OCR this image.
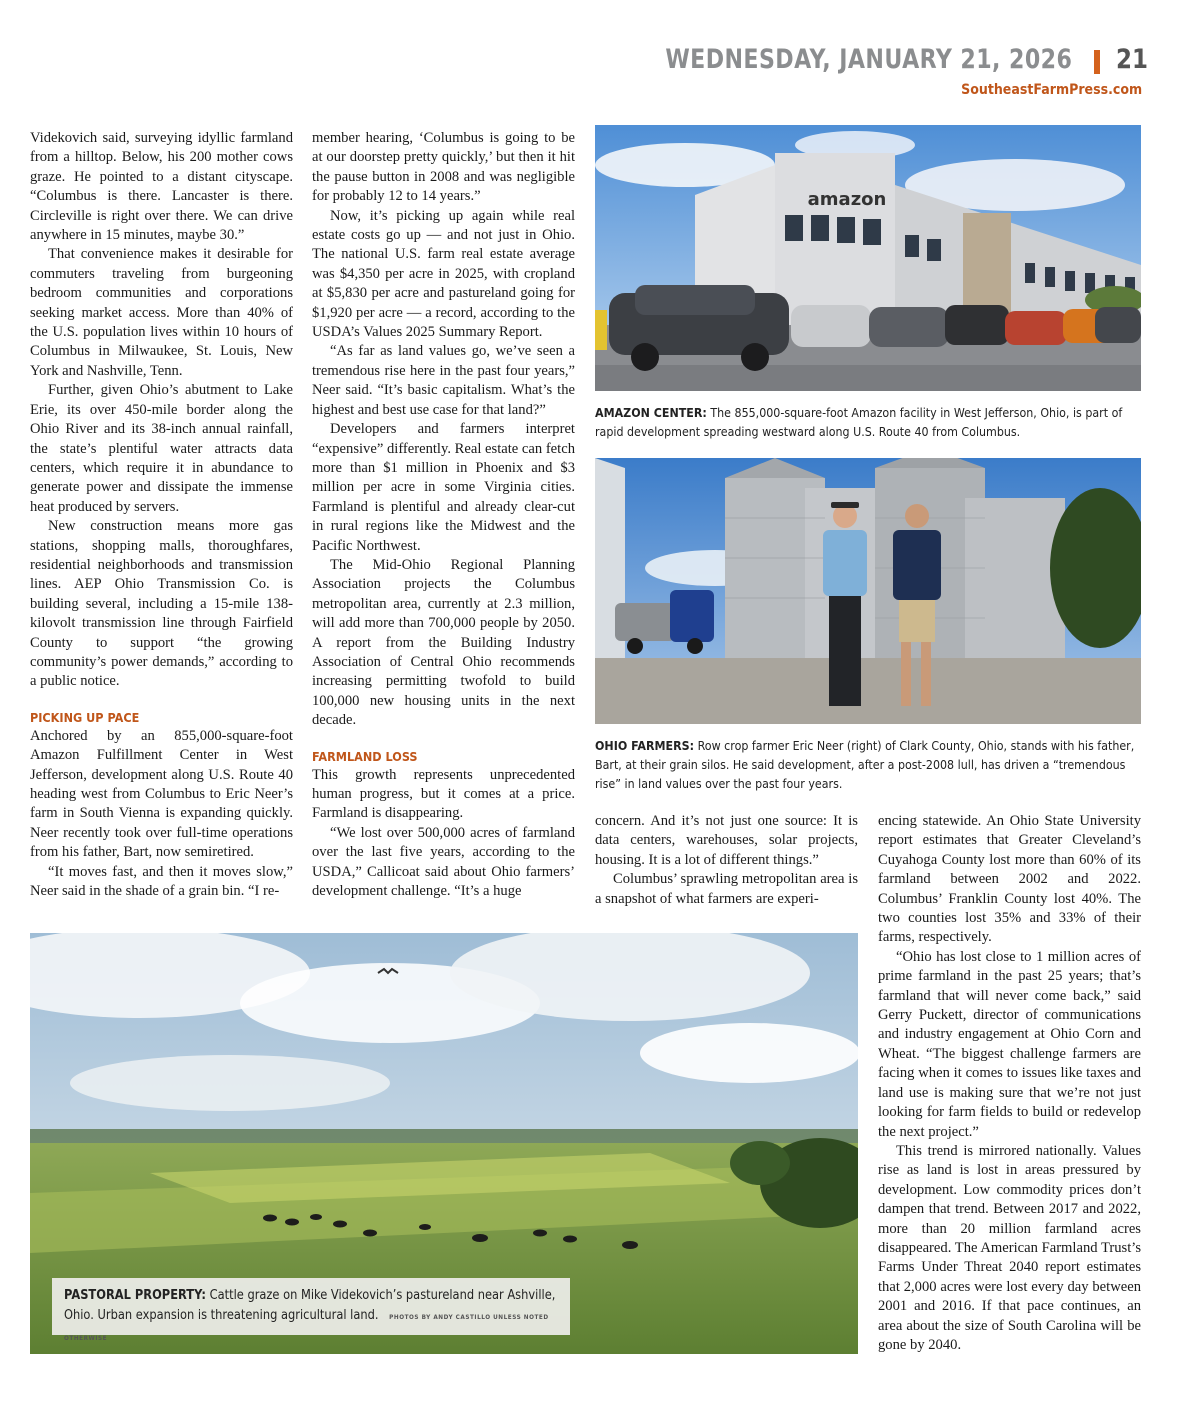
WEDNESDAY, JANUARY 21, 2026 21
SoutheastFarmPress.com

Videkovich said, surveying idyllic farmland from a hilltop. Below, his 200 mother cows graze. He pointed to a distant cityscape. “Columbus is there. Lancaster is there. Circleville is right over there. We can drive anywhere in 15 minutes, maybe 30.”

That convenience makes it desirable for commuters traveling from burgeoning bedroom communities and corporations seeking market access. More than 40% of the U.S. population lives within 10 hours of Columbus in Milwaukee, St. Louis, New York and Nashville, Tenn.

Further, given Ohio’s abutment to Lake Erie, its over 450-mile border along the Ohio River and its 38-inch annual rainfall, the state’s plentiful water attracts data centers, which require it in abundance to generate power and dissipate the immense heat produced by servers.

New construction means more gas stations, shopping malls, thoroughfares, residential neighborhoods and transmission lines. AEP Ohio Transmission Co. is building several, including a 15-mile 138-kilovolt transmission line through Fairfield County to support “the growing community’s power demands,” according to a public notice.

PICKING UP PACE

Anchored by an 855,000-square-foot Amazon Fulfillment Center in West Jefferson, development along U.S. Route 40 heading west from Columbus to Eric Neer’s farm in South Vienna is expanding quickly. Neer recently took over full-time operations from his father, Bart, now semiretired.

“It moves fast, and then it moves slow,” Neer said in the shade of a grain bin. “I re-

member hearing, ‘Columbus is going to be at our doorstep pretty quickly,’ but then it hit the pause button in 2008 and was negligible for probably 12 to 14 years.”

Now, it’s picking up again while real estate costs go up — and not just in Ohio. The national U.S. farm real estate average was $4,350 per acre in 2025, with cropland at $5,830 per acre and pastureland going for $1,920 per acre — a record, according to the USDA’s Values 2025 Summary Report.

“As far as land values go, we’ve seen a tremendous rise here in the past four years,” Neer said. “It’s basic capitalism. What’s the highest and best use case for that land?”

Developers and farmers interpret “expensive” differently. Real estate can fetch more than $1 million in Phoenix and $3 million per acre in some Virginia cities. Farmland is plentiful and already clear-cut in rural regions like the Midwest and the Pacific Northwest.

The Mid-Ohio Regional Planning Association projects the Columbus metropolitan area, currently at 2.3 million, will add more than 700,000 people by 2050. A report from the Building Industry Association of Central Ohio recommends increasing permitting twofold to build 100,000 new housing units in the next decade.

FARMLAND LOSS

This growth represents unprecedented human progress, but it comes at a price. Farmland is disappearing.

“We lost over 500,000 acres of farmland over the last five years, according to the USDA,” Callicoat said about Ohio farmers’ development challenge. “It’s a huge

amazon
AMAZON CENTER: The 855,000-square-foot Amazon facility in West Jefferson, Ohio, is part of rapid development spreading westward along U.S. Route 40 from Columbus.
OHIO FARMERS: Row crop farmer Eric Neer (right) of Clark County, Ohio, stands with his father, Bart, at their grain silos. He said development, after a post-2008 lull, has driven a “tremendous rise” in land values over the past four years.

concern. And it’s not just one source: It is data centers, warehouses, solar projects, housing. It is a lot of different things.”

Columbus’ sprawling metropolitan area is a snapshot of what farmers are experi-

encing statewide. An Ohio State University report estimates that Greater Cleveland’s Cuyahoga County lost more than 60% of its farmland between 2002 and 2022. Columbus’ Franklin County lost 40%. The two counties lost 35% and 33% of their farms, respectively.

“Ohio has lost close to 1 million acres of prime farmland in the past 25 years; that’s farmland that will never come back,” said Gerry Puckett, director of communications and industry engagement at Ohio Corn and Wheat. “The biggest challenge farmers are facing when it comes to issues like taxes and land use is making sure that we’re not just looking for farm fields to build or redevelop the next project.”

This trend is mirrored nationally. Values rise as land is lost in areas pressured by development. Low commodity prices don’t dampen that trend. Between 2017 and 2022, more than 20 million farmland acres disappeared. The American Farmland Trust’s Farms Under Threat 2040 report estimates that 2,000 acres were lost every day between 2001 and 2016. If that pace continues, an area about the size of South Carolina will be gone by 2040.

PASTORAL PROPERTY: Cattle graze on Mike Videkovich’s pastureland near Ashville, Ohio. Urban expansion is threatening agricultural land. PHOTOS BY ANDY CASTILLO UNLESS NOTED OTHERWISE
